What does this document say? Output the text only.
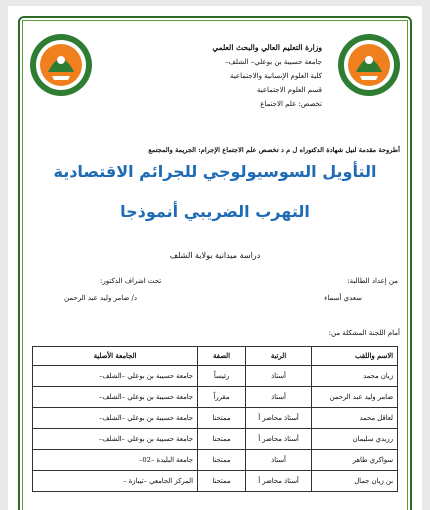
وزارة التعليم العالي والبحث العلمي
جامعة حسيبة بن بوعلي– الشلف–
كلية العلوم الإنسانية والاجتماعية
قسم العلوم الاجتماعية
تخصص: علم الاجتماع
أطروحة مقدمة لنيل شهادة الدكتوراه ل م د تخصص علم الاجتماع الإجرام: الجريمة والمجتمع
التأويل السوسيولوجي للجرائم الاقتصادية
التهرب الضريبي أنموذجا
دراسة ميدانية بولاية الشلف
من إعداد الطالبة:
سعدي أسماء
تحت اشراف الدكتور:
د/ ضامر وليد عبد الرحمن
أمام اللجنة المشكلة من:
الاسم واللقب	الرتبة	الصفة	الجامعة الأصلية
زيان محمد	أستاذ	رئيساً	جامعة حسيبة بن بوعلي –الشلف–
ضامر وليد عبد الرحمن	أستاذ	مقرراً	جامعة حسيبة بن بوعلي –الشلف–
لعاقل محمد	أستاذ محاضر أ	ممتحنا	جامعة حسيبة بن بوعلي –الشلف–
رزيدي سليمان	أستاذ محاضر أ	ممتحنا	جامعة حسيبة بن بوعلي –الشلف–
سواكري طاهر	أستاذ	ممتحنا	جامعة البليدة –02–
بن زيان جمال	أستاذ محاضر أ	ممتحنا	المركز الجامعي –تيبازة –
